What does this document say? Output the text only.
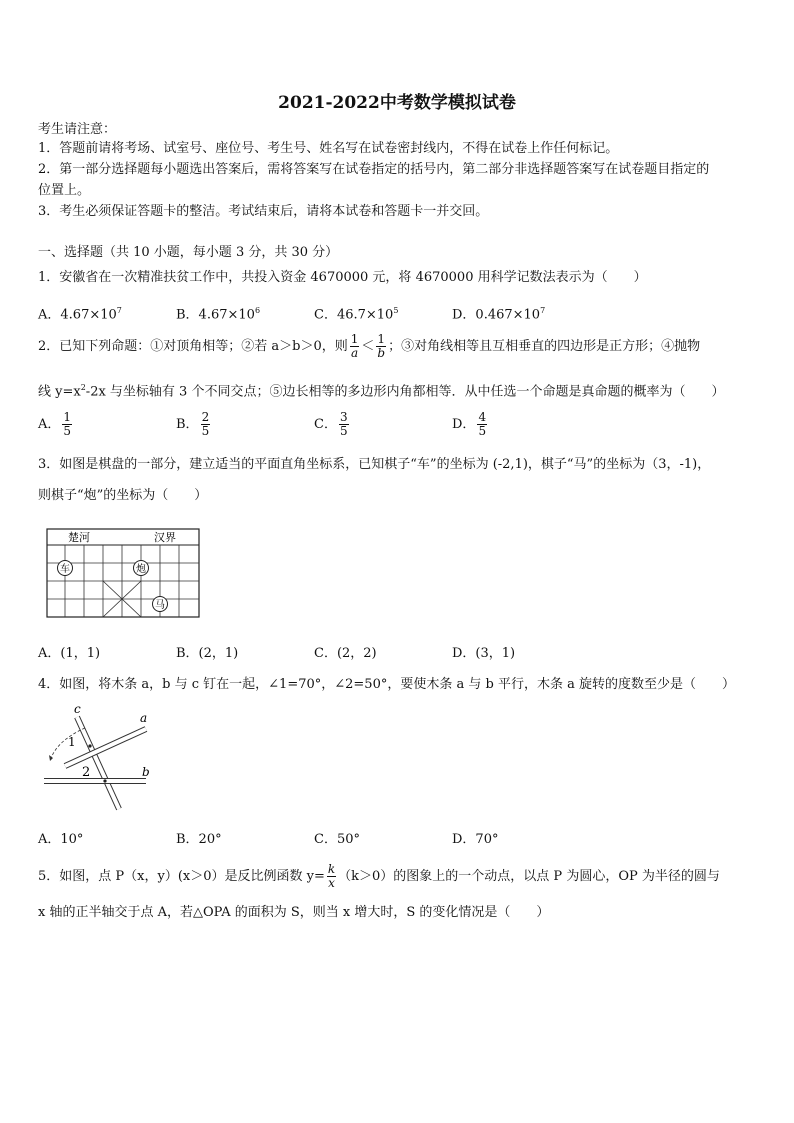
2021-2022中考数学模拟试卷
考生请注意：
1．答题前请将考场、试室号、座位号、考生号、姓名写在试卷密封线内，不得在试卷上作任何标记。
2．第一部分选择题每小题选出答案后，需将答案写在试卷指定的括号内，第二部分非选择题答案写在试卷题目指定的
位置上。
3．考生必须保证答题卡的整洁。考试结束后，请将本试卷和答题卡一并交回。
一、选择题（共 10 小题，每小题 3 分，共 30 分）
1．安徽省在一次精准扶贫工作中，共投入资金 4670000 元，将 4670000 用科学记数法表示为（　　）
A．$4.67\times 10^7$	B．$4.67\times 10^6$	C．$46.7\times 10^5$	D．$0.467\times 10^7$
2．已知下列命题：①对顶角相等；②若 a＞b＞0，则 $\frac{1}{a} < \frac{1}{b}$ ；③对角线相等且互相垂直的四边形是正方形；④抛物
线 $y=x^2-2x$ 与坐标轴有 3 个不同交点；⑤边长相等的多边形内角都相等．从中任选一个命题是真命题的概率为（　　）
A． $\frac{1}{5}$	B． $\frac{2}{5}$	C． $\frac{3}{5}$	D． $\frac{4}{5}$
3．如图是棋盘的一部分，建立适当的平面直角坐标系，已知棋子“车”的坐标为 (-2,1)，棋子“马”的坐标为（3，-1)，
则棋子“炮”的坐标为（　　）
楚河	汉界
车	炮
马
A．(1，1)	B．(2，1)	C．(2，2)	D．(3，1)
4．如图，将木条 a，b 与 c 钉在一起，∠1=70°，∠2=50°，要使木条 a 与 b 平行，木条 a 旋转的度数至少是（　　）
c
a
1
2	b
A．10°	B．20°	C．50°	D．70°
5．如图，点 P（x，y）(x＞0）是反比例函数 $y= \frac{k}{x} (k>0)$的图象上的一个动点，以点 P 为圆心，OP 为半径的圆与
x 轴的正半轴交于点 A，若△OPA 的面积为 S，则当 x 增大时，S 的变化情况是（　　）
